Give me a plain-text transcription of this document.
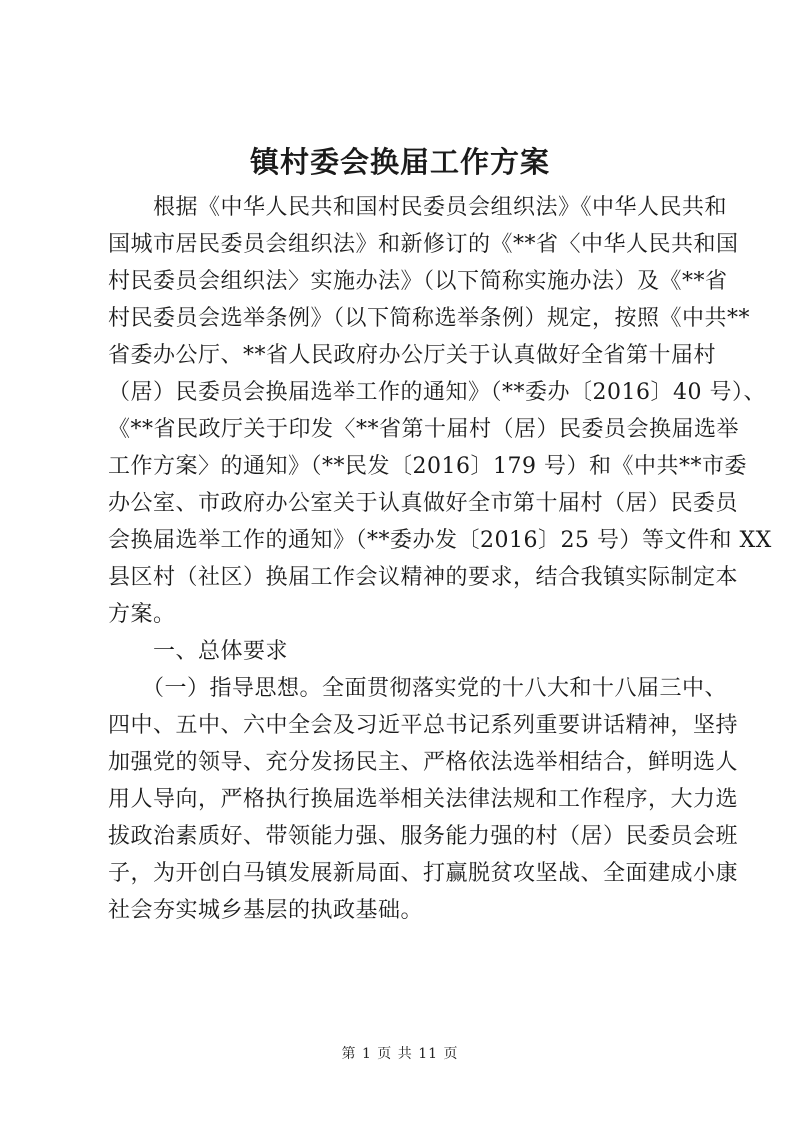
镇村委会换届工作方案
　　根据《中华人民共和国村民委员会组织法》《中华人民共和
国城市居民委员会组织法》和新修订的《**省〈中华人民共和国
村民委员会组织法〉实施办法》（以下简称实施办法）及《**省
村民委员会选举条例》（以下简称选举条例）规定，按照《中共**
省委办公厅、**省人民政府办公厅关于认真做好全省第十届村
（居）民委员会换届选举工作的通知》（**委办〔2016〕40 号）、
《**省民政厅关于印发〈**省第十届村（居）民委员会换届选举
工作方案〉的通知》（**民发〔2016〕179 号）和《中共**市委
办公室、市政府办公室关于认真做好全市第十届村（居）民委员
会换届选举工作的通知》（**委办发〔2016〕25 号）等文件和 XX
县区村（社区）换届工作会议精神的要求，结合我镇实际制定本
方案。
　　一、总体要求
　　（一）指导思想。全面贯彻落实党的十八大和十八届三中、
四中、五中、六中全会及习近平总书记系列重要讲话精神，坚持
加强党的领导、充分发扬民主、严格依法选举相结合，鲜明选人
用人导向，严格执行换届选举相关法律法规和工作程序，大力选
拔政治素质好、带领能力强、服务能力强的村（居）民委员会班
子，为开创白马镇发展新局面、打赢脱贫攻坚战、全面建成小康
社会夯实城乡基层的执政基础。
第 1 页 共 11 页
